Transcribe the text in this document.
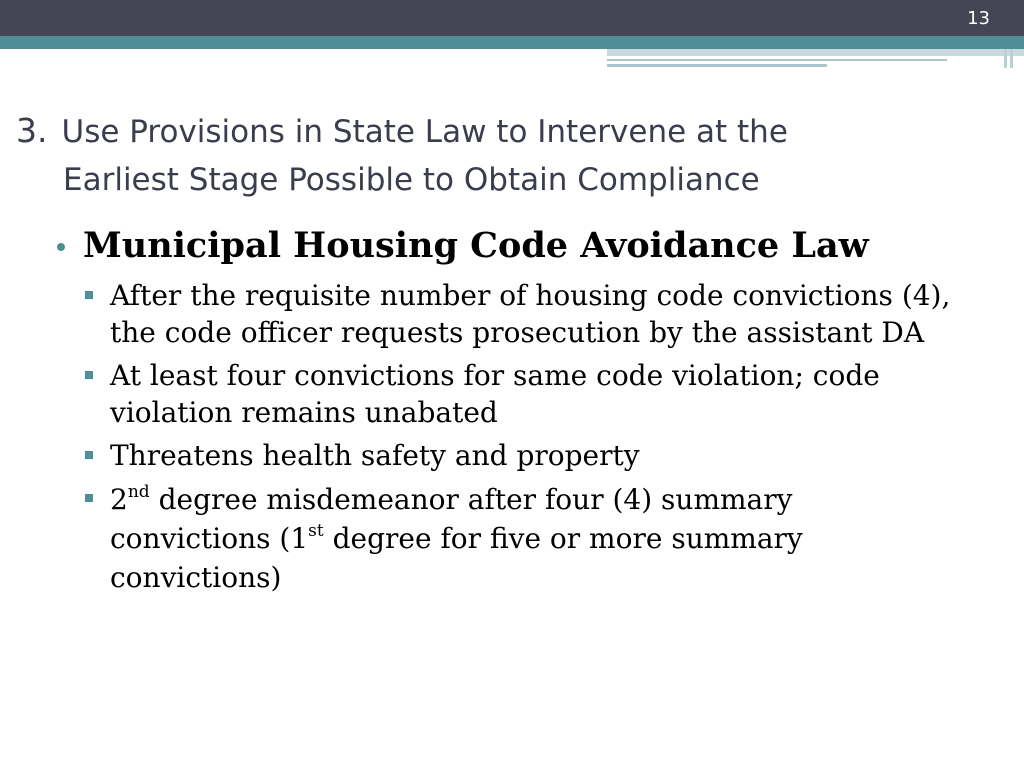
13
3. Use Provisions in State Law to Intervene at the
Earliest Stage Possible to Obtain Compliance
Municipal Housing Code Avoidance Law
After the requisite number of housing code convictions (4), the code officer requests prosecution by the assistant DA
At least four convictions for same code violation; code violation remains unabated
Threatens health safety and property
2nd degree misdemeanor after four (4) summary convictions (1st degree for five or more summary convictions)
